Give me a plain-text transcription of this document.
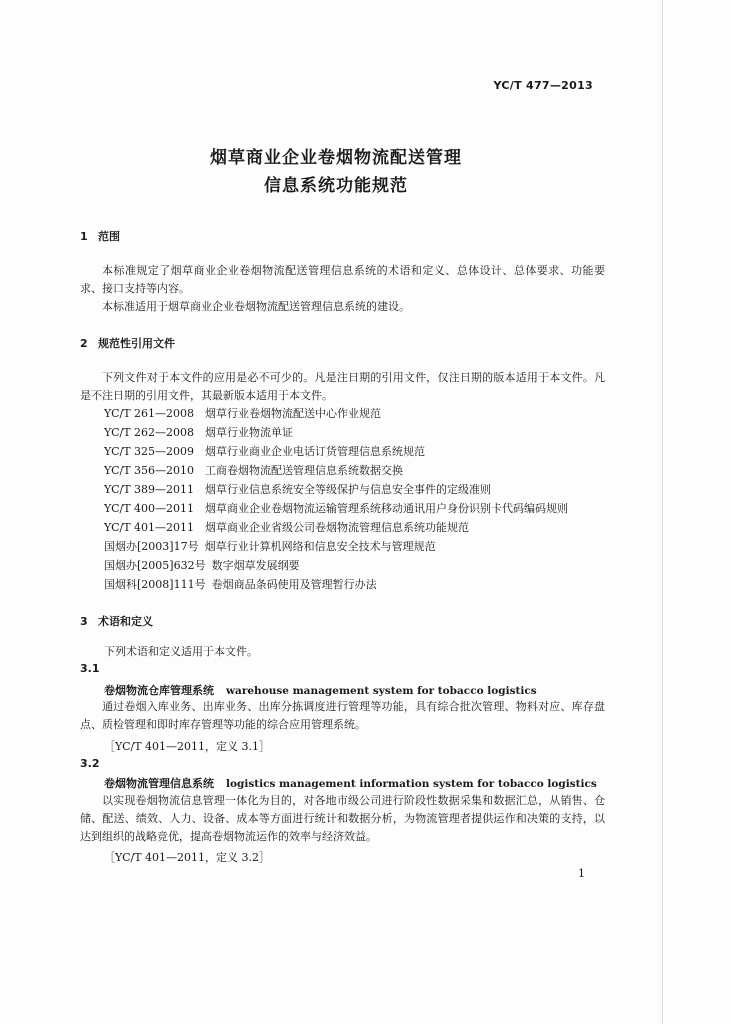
YC/T 477—2013
烟草商业企业卷烟物流配送管理
信息系统功能规范
1 范围
本标准规定了烟草商业企业卷烟物流配送管理信息系统的术语和定义、总体设计、总体要求、功能要求、接口支持等内容。
本标准适用于烟草商业企业卷烟物流配送管理信息系统的建设。
2 规范性引用文件
下列文件对于本文件的应用是必不可少的。凡是注日期的引用文件，仅注日期的版本适用于本文件。凡是不注日期的引用文件，其最新版本适用于本文件。
YC/T 261—2008 烟草行业卷烟物流配送中心作业规范
YC/T 262—2008 烟草行业物流单证
YC/T 325—2009 烟草行业商业企业电话订货管理信息系统规范
YC/T 356—2010 工商卷烟物流配送管理信息系统数据交换
YC/T 389—2011 烟草行业信息系统安全等级保护与信息安全事件的定级准则
YC/T 400—2011 烟草商业企业卷烟物流运输管理系统移动通讯用户身份识别卡代码编码规则
YC/T 401—2011 烟草商业企业省级公司卷烟物流管理信息系统功能规范
国烟办[2003]17号 烟草行业计算机网络和信息安全技术与管理规范
国烟办[2005]632号 数字烟草发展纲要
国烟科[2008]111号 卷烟商品条码使用及管理暂行办法
3 术语和定义
下列术语和定义适用于本文件。
3.1
卷烟物流仓库管理系统 warehouse management system for tobacco logistics
通过卷烟入库业务、出库业务、出库分拣调度进行管理等功能，具有综合批次管理、物料对应、库存盘点、质检管理和即时库存管理等功能的综合应用管理系统。
［YC/T 401—2011，定义 3.1］
3.2
卷烟物流管理信息系统 logistics management information system for tobacco logistics
以实现卷烟物流信息管理一体化为目的，对各地市级公司进行阶段性数据采集和数据汇总，从销售、仓储、配送、绩效、人力、设备、成本等方面进行统计和数据分析，为物流管理者提供运作和决策的支持，以达到组织的战略竞优，提高卷烟物流运作的效率与经济效益。
［YC/T 401—2011，定义 3.2］
1
